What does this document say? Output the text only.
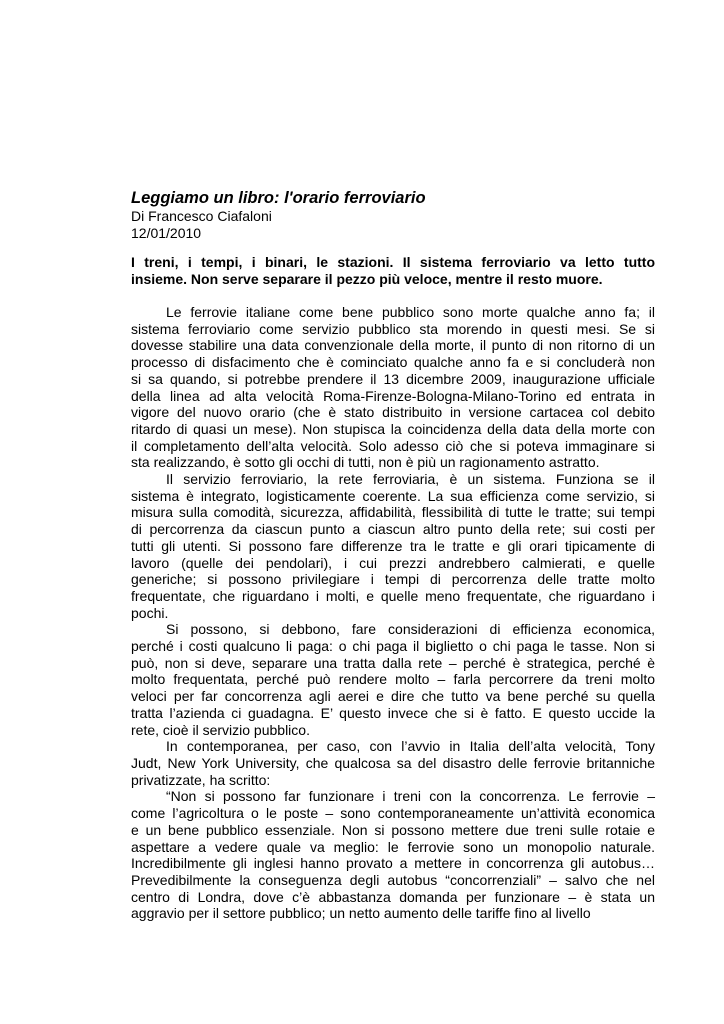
Leggiamo un libro: l'orario ferroviario

Di Francesco Ciafaloni

12/01/2010

I treni, i tempi, i binari, le stazioni. Il sistema ferroviario va letto tutto
insieme. Non serve separare il pezzo più veloce, mentre il resto muore.
Le ferrovie italiane come bene pubblico sono morte qualche anno fa; il
sistema ferroviario come servizio pubblico sta morendo in questi mesi. Se si
dovesse stabilire una data convenzionale della morte, il punto di non ritorno di un
processo di disfacimento che è cominciato qualche anno fa e si concluderà non
si sa quando, si potrebbe prendere il 13 dicembre 2009, inaugurazione ufficiale
della linea ad alta velocità Roma-Firenze-Bologna-Milano-Torino ed entrata in
vigore del nuovo orario (che è stato distribuito in versione cartacea col debito
ritardo di quasi un mese). Non stupisca la coincidenza della data della morte con
il completamento dell’alta velocità. Solo adesso ciò che si poteva immaginare si
sta realizzando, è sotto gli occhi di tutti, non è più un ragionamento astratto.
Il servizio ferroviario, la rete ferroviaria, è un sistema. Funziona se il
sistema è integrato, logisticamente coerente. La sua efficienza come servizio, si
misura sulla comodità, sicurezza, affidabilità, flessibilità di tutte le tratte; sui tempi
di percorrenza da ciascun punto a ciascun altro punto della rete; sui costi per
tutti gli utenti. Si possono fare differenze tra le tratte e gli orari tipicamente di
lavoro (quelle dei pendolari), i cui prezzi andrebbero calmierati, e quelle
generiche; si possono privilegiare i tempi di percorrenza delle tratte molto
frequentate, che riguardano i molti, e quelle meno frequentate, che riguardano i
pochi.
Si possono, si debbono, fare considerazioni di efficienza economica,
perché i costi qualcuno li paga: o chi paga il biglietto o chi paga le tasse. Non si
può, non si deve, separare una tratta dalla rete – perché è strategica, perché è
molto frequentata, perché può rendere molto – farla percorrere da treni molto
veloci per far concorrenza agli aerei e dire che tutto va bene perché su quella
tratta l’azienda ci guadagna. E’ questo invece che si è fatto. E questo uccide la
rete, cioè il servizio pubblico.
In contemporanea, per caso, con l’avvio in Italia dell’alta velocità, Tony
Judt, New York University, che qualcosa sa del disastro delle ferrovie britanniche
privatizzate, ha scritto:
“Non si possono far funzionare i treni con la concorrenza. Le ferrovie –
come l’agricoltura o le poste – sono contemporaneamente un’attività economica
e un bene pubblico essenziale. Non si possono mettere due treni sulle rotaie e
aspettare a vedere quale va meglio: le ferrovie sono un monopolio naturale.
Incredibilmente gli inglesi hanno provato a mettere in concorrenza gli autobus…
Prevedibilmente la conseguenza degli autobus “concorrenziali” – salvo che nel
centro di Londra, dove c’è abbastanza domanda per funzionare – è stata un
aggravio per il settore pubblico; un netto aumento delle tariffe fino al livello
